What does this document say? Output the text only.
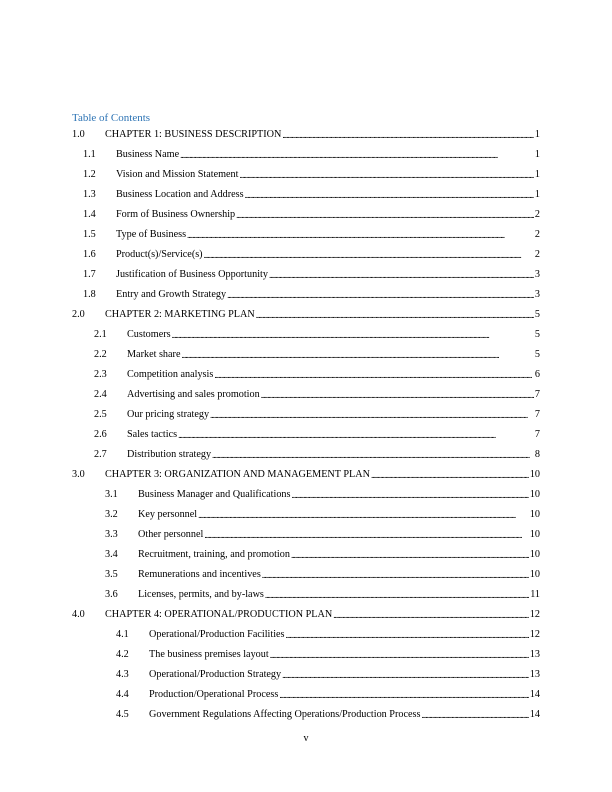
Table of Contents
1.0	CHAPTER 1: BUSINESS DESCRIPTION . . .	1
1.1	Business Name . . .	1
1.2	Vision and Mission Statement . . .	1
1.3	Business Location and Address . . .	1
1.4	Form of Business Ownership . . .	2
1.5	Type of Business . . .	2
1.6	Product(s)/Service(s) . . .	2
1.7	Justification of Business Opportunity . . .	3
1.8	Entry and Growth Strategy . . .	3
2.0	CHAPTER 2: MARKETING PLAN . . .	5
2.1	Customers . . .	5
2.2	Market share . . .	5
2.3	Competition analysis . . .	6
2.4	Advertising and sales promotion . . .	7
2.5	Our pricing strategy . . .	7
2.6	Sales tactics . . .	7
2.7	Distribution strategy . . .	8
3.0	CHAPTER 3: ORGANIZATION AND MANAGEMENT PLAN . . .	10
3.1	Business Manager and Qualifications . . .	10
3.2	Key personnel . . .	10
3.3	Other personnel . . .	10
3.4	Recruitment, training, and promotion . . .	10
3.5	Remunerations and incentives . . .	10
3.6	Licenses, permits, and by-laws . . .	11
4.0	CHAPTER 4: OPERATIONAL/PRODUCTION PLAN . . .	12
4.1	Operational/Production Facilities . . .	12
4.2	The business premises layout . . .	13
4.3	Operational/Production Strategy . . .	13
4.4	Production/Operational Process . . .	14
4.5	Government Regulations Affecting Operations/Production Process . . .	14
v
